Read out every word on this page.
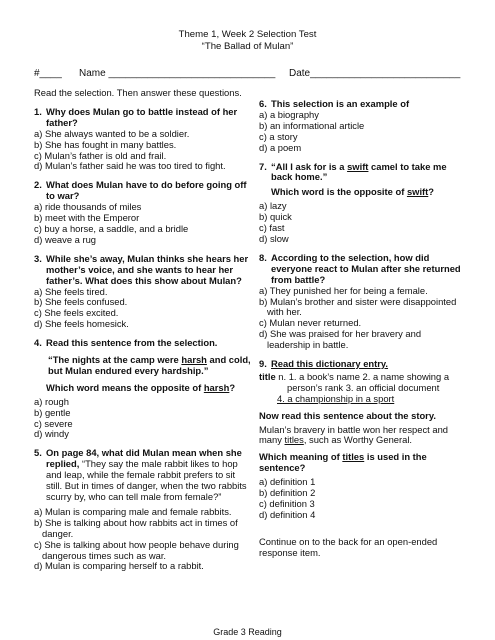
Theme 1, Week 2 Selection Test
“The Ballad of Mulan”
#____ Name ______________________________ Date___________________________
Read the selection. Then answer these questions.
1. Why does Mulan go to battle instead of her father?
a) She always wanted to be a soldier.
b) She has fought in many battles.
c) Mulan’s father is old and frail.
d) Mulan’s father said he was too tired to fight.
2. What does Mulan have to do before going off to war?
a) ride thousands of miles
b) meet with the Emperor
c) buy a horse, a saddle, and a bridle
d) weave a rug
3. While she’s away, Mulan thinks she hears her mother’s voice, and she wants to hear her father’s. What does this show about Mulan?
a) She feels tired.
b) She feels confused.
c) She feels excited.
d) She feels homesick.
4. Read this sentence from the selection.
“The nights at the camp were harsh and cold, but Mulan endured every hardship.”
Which word means the opposite of harsh?
a) rough
b) gentle
c) severe
d) windy
5. On page 84, what did Mulan mean when she replied, “They say the male rabbit likes to hop and leap, while the female rabbit prefers to sit still. But in times of danger, when the two rabbits scurry by, who can tell male from female?”
a) Mulan is comparing male and female rabbits.
b) She is talking about how rabbits act in times of danger.
c) She is talking about how people behave during dangerous times such as war.
d) Mulan is comparing herself to a rabbit.
6. This selection is an example of
a) a biography
b) an informational article
c) a story
d) a poem
7. “All I ask for is a swift camel to take me back home.”
Which word is the opposite of swift?
a) lazy
b) quick
c) fast
d) slow
8. According to the selection, how did everyone react to Mulan after she returned from battle?
a) They punished her for being a female.
b) Mulan’s brother and sister were disappointed with her.
c) Mulan never returned.
d) She was praised for her bravery and leadership in battle.
9. Read this dictionary entry.
title n. 1. a book’s name 2. a name showing a
person’s rank 3. an official document
4. a championship in a sport
Now read this sentence about the story.
Mulan’s bravery in battle won her respect and many titles, such as Worthy General.
Which meaning of titles is used in the sentence?
a) definition 1
b) definition 2
c) definition 3
d) definition 4
Continue on to the back for an open-ended response item.
Grade 3 Reading
